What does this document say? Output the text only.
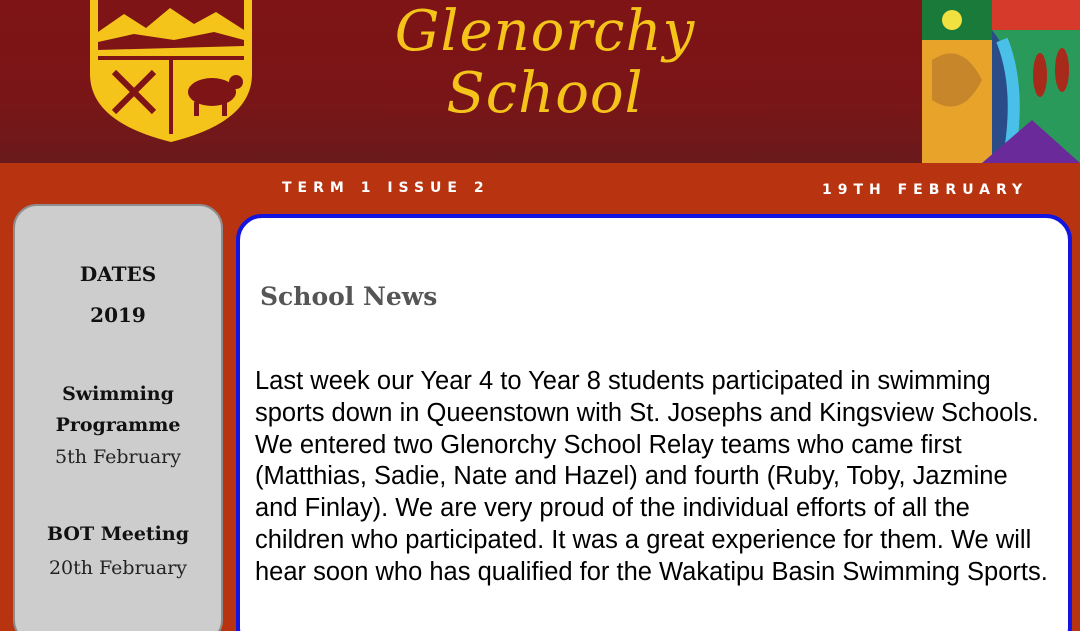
Glenorchy
School
TERM 1 ISSUE 2	19TH FEBRUARY
DATES
2019
Swimming
Programme
5th February
BOT Meeting
20th February
School News

Last week our Year 4 to Year 8 students participated in swimming sports down in Queenstown with St. Josephs and Kingsview Schools. We entered two Glenorchy School Relay teams who came first (Matthias, Sadie, Nate and Hazel) and fourth (Ruby, Toby, Jazmine and Finlay). We are very proud of the individual efforts of all the children who participated. It was a great experience for them. We will hear soon who has qualified for the Wakatipu Basin Swimming Sports.
